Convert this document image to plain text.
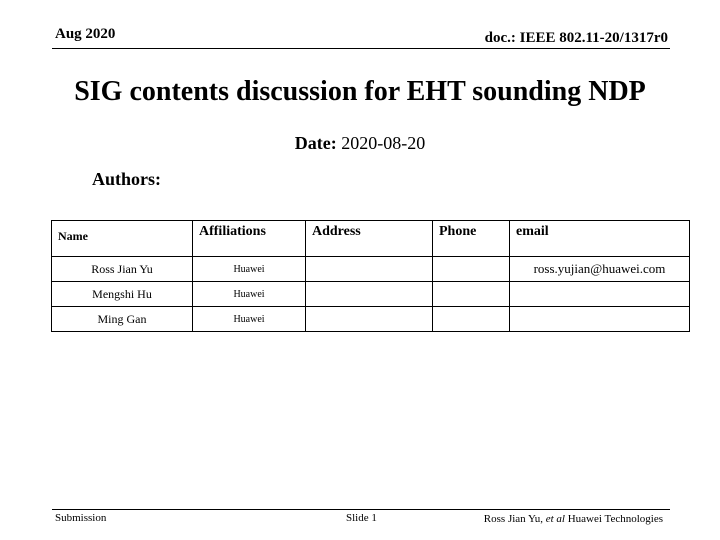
Aug 2020	doc.: IEEE 802.11-20/1317r0
SIG contents discussion for EHT sounding NDP
Date: 2020-08-20
Authors:
Name	Affiliations	Address	Phone	email
Ross Jian Yu	Huawei			ross.yujian@huawei.com
Mengshi Hu	Huawei			
Ming Gan	Huawei			
Submission	Slide 1	Ross Jian Yu, et al Huawei Technologies
